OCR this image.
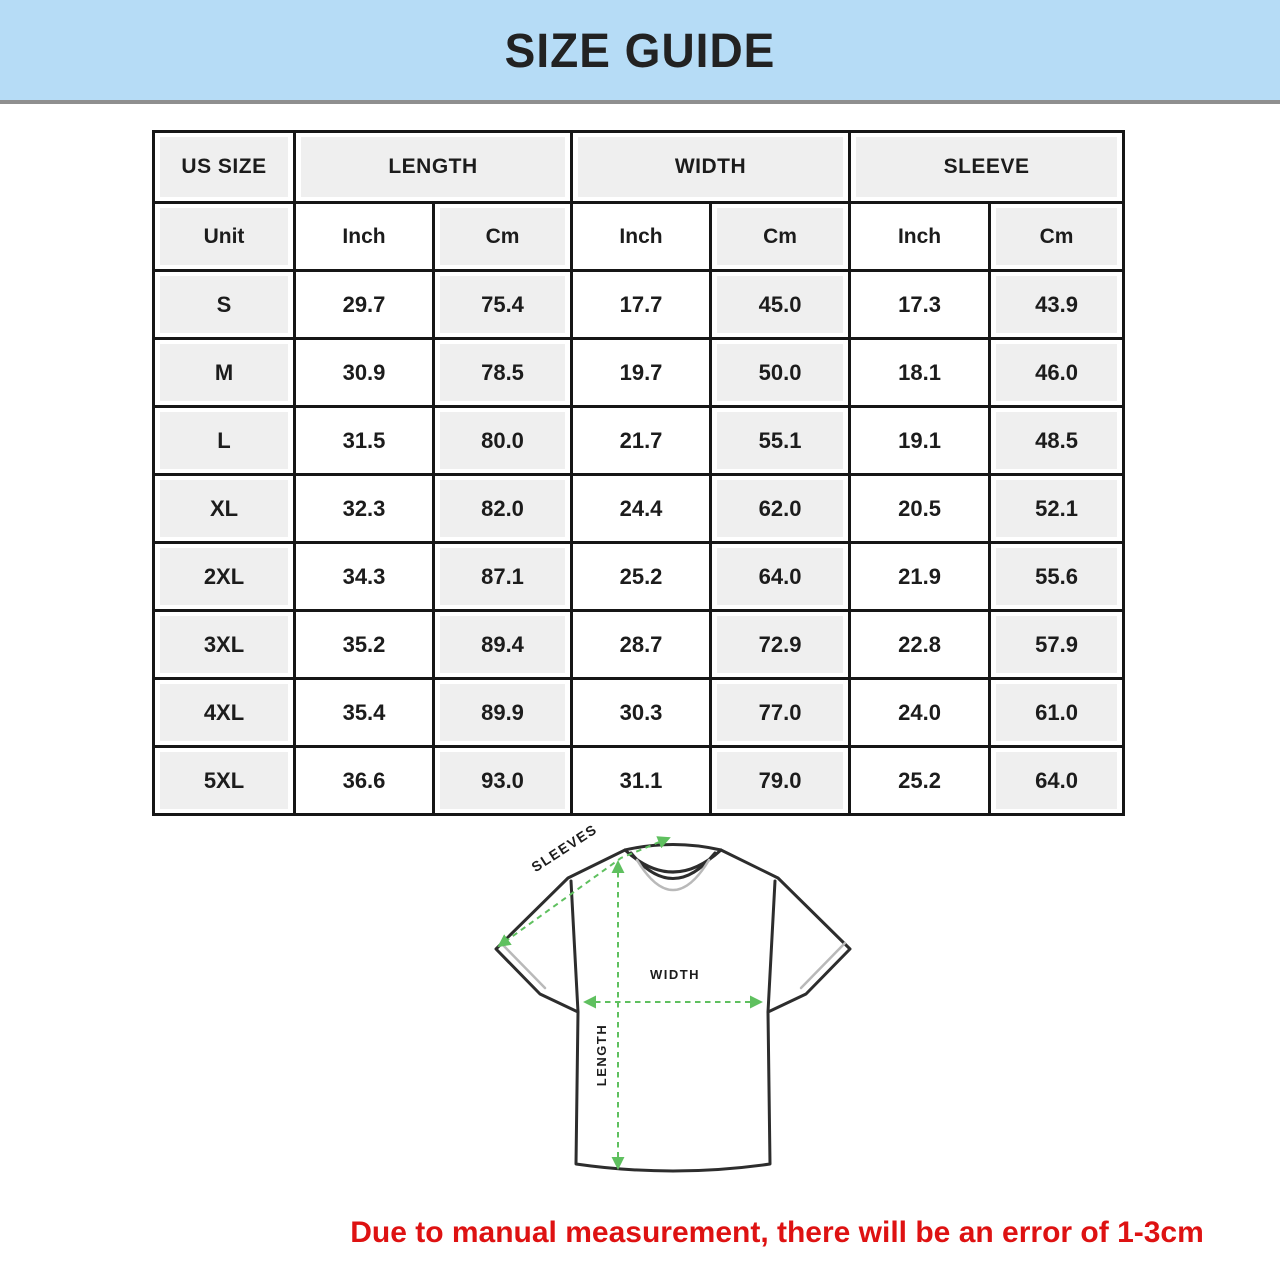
SIZE GUIDE
US SIZE	LENGTH		WIDTH		SLEEVE	

Unit	Inch	Cm	Inch	Cm	Inch	Cm

S	29.7	75.4	17.7	45.0	17.3	43.9

M	30.9	78.5	19.7	50.0	18.1	46.0

L	31.5	80.0	21.7	55.1	19.1	48.5

XL	32.3	82.0	24.4	62.0	20.5	52.1

2XL	34.3	87.1	25.2	64.0	21.9	55.6

3XL	35.2	89.4	28.7	72.9	22.8	57.9

4XL	35.4	89.9	30.3	77.0	24.0	61.0

5XL	36.6	93.0	31.1	79.0	25.2	64.0
SLEEVES
WIDTH
LENGTH
Due to manual measurement, there will be an error of 1-3cm
